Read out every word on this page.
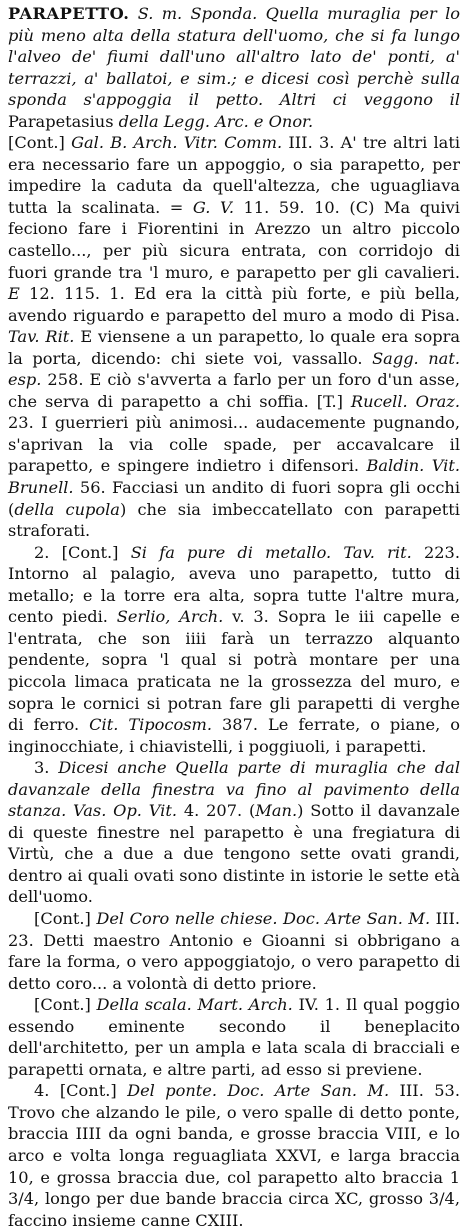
PARAPETTO. S. m. Sponda. Quella muraglia per lo più meno alta della statura dell'uomo, che si fa lungo l'alveo de' fiumi dall'uno all'altro lato de' ponti, a' terrazzi, a' ballatoi, e sim.; e dicesi così perchè sulla sponda s'appoggia il petto. Altri ci veggono il Parapetasius della Legg. Arc. e Onor.

[Cont.] Gal. B. Arch. Vitr. Comm. III. 3. A' tre altri lati era necessario fare un appoggio, o sia parapetto, per impedire la caduta da quell'altezza, che uguagliava tutta la scalinata. = G. V. 11. 59. 10. (C) Ma quivi fecionо fare i Fiorentini in Arezzo un altro piccolo castello..., per più sicura entrata, con corridojo di fuori grande tra 'l muro, e parapetto per gli cavalieri. E 12. 115. 1. Ed era la città più forte, e più bella, avendo riguardo e parapetto del muro a modo di Pisa. Tav. Rit. E viensene a un parapetto, lo quale era sopra la porta, dicendo: chi siete voi, vassallo. Sagg. nat. esp. 258. E ciò s'avverta a farlo per un foro d'un asse, che serva di parapetto a chi soffia. [T.] Rucell. Oraz. 23. I guerrieri più animosi... audacemente pugnando, s'aprivan la via colle spade, per accavalcare il parapetto, e spingere indietro i difensori. Baldin. Vit. Brunell. 56. Facciasi un andito di fuori sopra gli occhi (della cupola) che sia imbeccatellato con parapetti straforati.

2. [Cont.] Si fa pure di metallo. Tav. rit. 223. Intorno al palagio, aveva uno parapetto, tutto di metallo; e la torre era alta, sopra tutte l'altre mura, cento piedi. Serlio, Arch. v. 3. Sopra le iii capelle e l'entrata, che son iiii farà un terrazzo alquanto pendente, sopra 'l qual si potrà montare per una piccola limaca praticata ne la grossezza del muro, e sopra le cornici si potran fare gli parapetti di verghe di ferro. Cit. Tipocosm. 387. Le ferrate, o piane, o inginocchiate, i chiavistelli, i poggiuoli, i parapetti.

3. Dicesi anche Quella parte di muraglia che dal davanzale della finestra va fino al pavimento della stanza. Vas. Op. Vit. 4. 207. (Man.) Sotto il davanzale di queste finestre nel parapetto è una fregiatura di Virtù, che a due a due tengono sette ovati grandi, dentro ai quali ovati sono distinte in istorie le sette età dell'uomo.

[Cont.] Del Coro nelle chiese. Doc. Arte San. M. III. 23. Detti maestro Antonio e Gioanni si obbrigano a fare la forma, o vero appoggiatojo, o vero parapetto di detto coro... a volontà di detto priore.

[Cont.] Della scala. Mart. Arch. IV. 1. Il qual poggio essendo eminente secondo il beneplacito dell'architetto, per un ampla e lata scala di bracciali e parapetti ornata, e altre parti, ad esso si previene.

4. [Cont.] Del ponte. Doc. Arte San. M. III. 53. Trovo che alzando le pile, o vero spalle di detto ponte, braccia IIII da ogni banda, e grosse braccia VIII, e lo arco e volta longa reguagliata XXVI, e larga braccia 10, e grossa braccia due, col parapetto alto braccia 1 3/4, longo per due bande braccia circa XC, grosso 3/4, faccino insieme canne CXIII.
